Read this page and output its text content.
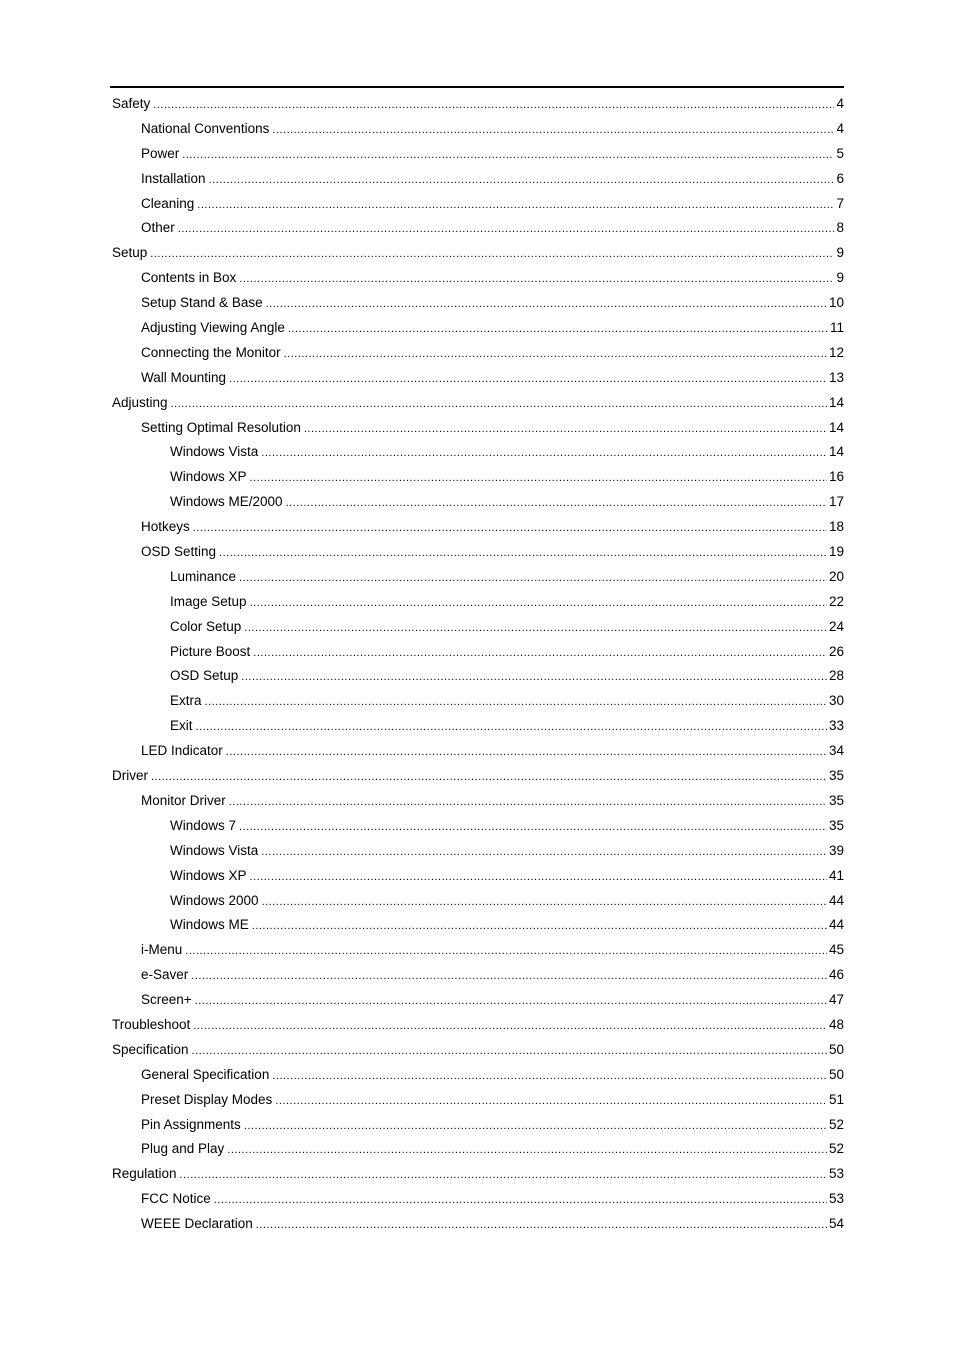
Safety .....	4
National Conventions .....	4
Power .....	5
Installation .....	6
Cleaning .....	7
Other .....	8
Setup .....	9
Contents in Box .....	9
Setup Stand & Base .....	10
Adjusting Viewing Angle .....	11
Connecting the Monitor .....	12
Wall Mounting .....	13
Adjusting .....	14
Setting Optimal Resolution .....	14
Windows Vista .....	14
Windows XP .....	16
Windows ME/2000 .....	17
Hotkeys .....	18
OSD Setting .....	19
Luminance .....	20
Image Setup .....	22
Color Setup .....	24
Picture Boost .....	26
OSD Setup .....	28
Extra .....	30
Exit .....	33
LED Indicator .....	34
Driver .....	35
Monitor Driver .....	35
Windows 7 .....	35
Windows Vista .....	39
Windows XP .....	41
Windows 2000 .....	44
Windows ME .....	44
i-Menu .....	45
e-Saver .....	46
Screen+ .....	47
Troubleshoot .....	48
Specification .....	50
General Specification .....	50
Preset Display Modes .....	51
Pin Assignments .....	52
Plug and Play .....	52
Regulation .....	53
FCC Notice .....	53
WEEE Declaration .....	54
